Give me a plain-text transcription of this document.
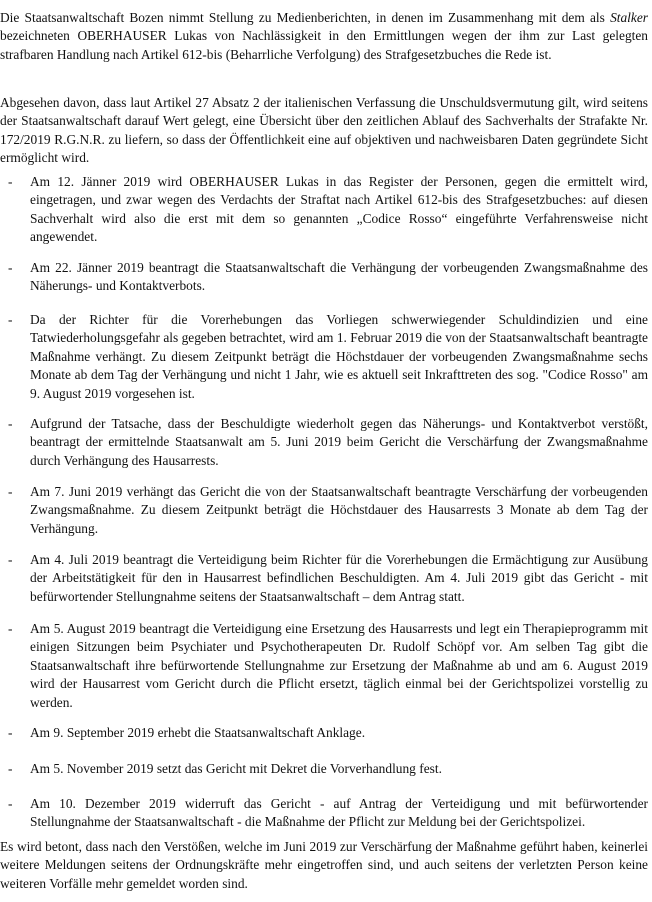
Die Staatsanwaltschaft Bozen nimmt Stellung zu Medienberichten, in denen im Zusammenhang mit dem als Stalker bezeichneten OBERHAUSER Lukas von Nachlässigkeit in den Ermittlungen wegen der ihm zur Last gelegten strafbaren Handlung nach Artikel 612-bis (Beharrliche Verfolgung) des Strafgesetzbuches die Rede ist.

Abgesehen davon, dass laut Artikel 27 Absatz 2 der italienischen Verfassung die Unschuldsvermutung gilt, wird seitens der Staatsanwaltschaft darauf Wert gelegt, eine Übersicht über den zeitlichen Ablauf des Sachverhalts der Strafakte Nr. 172/2019 R.G.N.R. zu liefern, so dass der Öffentlichkeit eine auf objektiven und nachweisbaren Daten gegründete Sicht ermöglicht wird.

- Am 12. Jänner 2019 wird OBERHAUSER Lukas in das Register der Personen, gegen die ermittelt wird, eingetragen, und zwar wegen des Verdachts der Straftat nach Artikel 612-bis des Strafgesetzbuches: auf diesen Sachverhalt wird also die erst mit dem so genannten „Codice Rosso“ eingeführte Verfahrensweise nicht angewendet.
- Am 22. Jänner 2019 beantragt die Staatsanwaltschaft die Verhängung der vorbeugenden Zwangsmaßnahme des Näherungs- und Kontaktverbots.
- Da der Richter für die Vorerhebungen das Vorliegen schwerwiegender Schuldindizien und eine Tatwiederholungsgefahr als gegeben betrachtet, wird am 1. Februar 2019 die von der Staatsanwaltschaft beantragte Maßnahme verhängt. Zu diesem Zeitpunkt beträgt die Höchstdauer der vorbeugenden Zwangsmaßnahme sechs Monate ab dem Tag der Verhängung und nicht 1 Jahr, wie es aktuell seit Inkrafttreten des sog. "Codice Rosso" am 9. August 2019 vorgesehen ist.
- Aufgrund der Tatsache, dass der Beschuldigte wiederholt gegen das Näherungs- und Kontaktverbot verstößt, beantragt der ermittelnde Staatsanwalt am 5. Juni 2019 beim Gericht die Verschärfung der Zwangsmaßnahme durch Verhängung des Hausarrests.
- Am 7. Juni 2019 verhängt das Gericht die von der Staatsanwaltschaft beantragte Verschärfung der vorbeugenden Zwangsmaßnahme. Zu diesem Zeitpunkt beträgt die Höchstdauer des Hausarrests 3 Monate ab dem Tag der Verhängung.
- Am 4. Juli 2019 beantragt die Verteidigung beim Richter für die Vorerhebungen die Ermächtigung zur Ausübung der Arbeitstätigkeit für den in Hausarrest befindlichen Beschuldigten. Am 4. Juli 2019 gibt das Gericht - mit befürwortender Stellungnahme seitens der Staatsanwaltschaft – dem Antrag statt.
- Am 5. August 2019 beantragt die Verteidigung eine Ersetzung des Hausarrests und legt ein Therapieprogramm mit einigen Sitzungen beim Psychiater und Psychotherapeuten Dr. Rudolf Schöpf vor. Am selben Tag gibt die Staatsanwaltschaft ihre befürwortende Stellungnahme zur Ersetzung der Maßnahme ab und am 6. August 2019 wird der Hausarrest vom Gericht durch die Pflicht ersetzt, täglich einmal bei der Gerichtspolizei vorstellig zu werden.
- Am 9. September 2019 erhebt die Staatsanwaltschaft Anklage.
- Am 5. November 2019 setzt das Gericht mit Dekret die Vorverhandlung fest.
- Am 10. Dezember 2019 widerruft das Gericht - auf Antrag der Verteidigung und mit befürwortender Stellungnahme der Staatsanwaltschaft - die Maßnahme der Pflicht zur Meldung bei der Gerichtspolizei.

Es wird betont, dass nach den Verstößen, welche im Juni 2019 zur Verschärfung der Maßnahme geführt haben, keinerlei weitere Meldungen seitens der Ordnungskräfte mehr eingetroffen sind, und auch seitens der verletzten Person keine weiteren Vorfälle mehr gemeldet worden sind.
